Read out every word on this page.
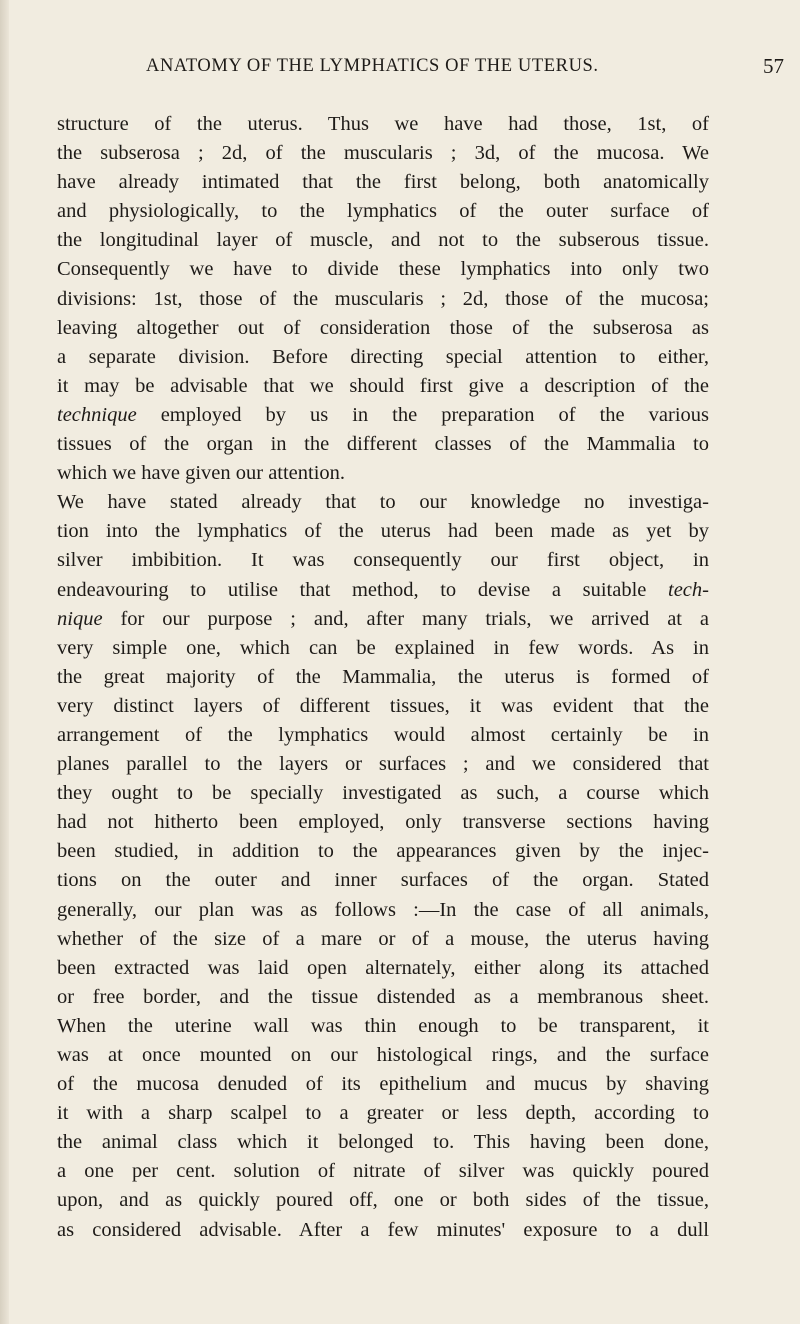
ANATOMY OF THE LYMPHATICS OF THE UTERUS.	57
structure of the uterus. Thus we have had those, 1st, of
the subserosa ; 2d, of the muscularis ; 3d, of the mucosa. We
have already intimated that the first belong, both anatomically
and physiologically, to the lymphatics of the outer surface of
the longitudinal layer of muscle, and not to the subserous tissue.
Consequently we have to divide these lymphatics into only two
divisions: 1st, those of the muscularis ; 2d, those of the mucosa;
leaving altogether out of consideration those of the subserosa as
a separate division. Before directing special attention to either,
it may be advisable that we should first give a description of the
technique employed by us in the preparation of the various
tissues of the organ in the different classes of the Mammalia to
which we have given our attention.
We have stated already that to our knowledge no investiga-
tion into the lymphatics of the uterus had been made as yet by
silver imbibition. It was consequently our first object, in
endeavouring to utilise that method, to devise a suitable tech-
nique for our purpose ; and, after many trials, we arrived at a
very simple one, which can be explained in few words. As in
the great majority of the Mammalia, the uterus is formed of
very distinct layers of different tissues, it was evident that the
arrangement of the lymphatics would almost certainly be in
planes parallel to the layers or surfaces ; and we considered that
they ought to be specially investigated as such, a course which
had not hitherto been employed, only transverse sections having
been studied, in addition to the appearances given by the injec-
tions on the outer and inner surfaces of the organ. Stated
generally, our plan was as follows :—In the case of all animals,
whether of the size of a mare or of a mouse, the uterus having
been extracted was laid open alternately, either along its attached
or free border, and the tissue distended as a membranous sheet.
When the uterine wall was thin enough to be transparent, it
was at once mounted on our histological rings, and the surface
of the mucosa denuded of its epithelium and mucus by shaving
it with a sharp scalpel to a greater or less depth, according to
the animal class which it belonged to. This having been done,
a one per cent. solution of nitrate of silver was quickly poured
upon, and as quickly poured off, one or both sides of the tissue,
as considered advisable. After a few minutes' exposure to a dull
